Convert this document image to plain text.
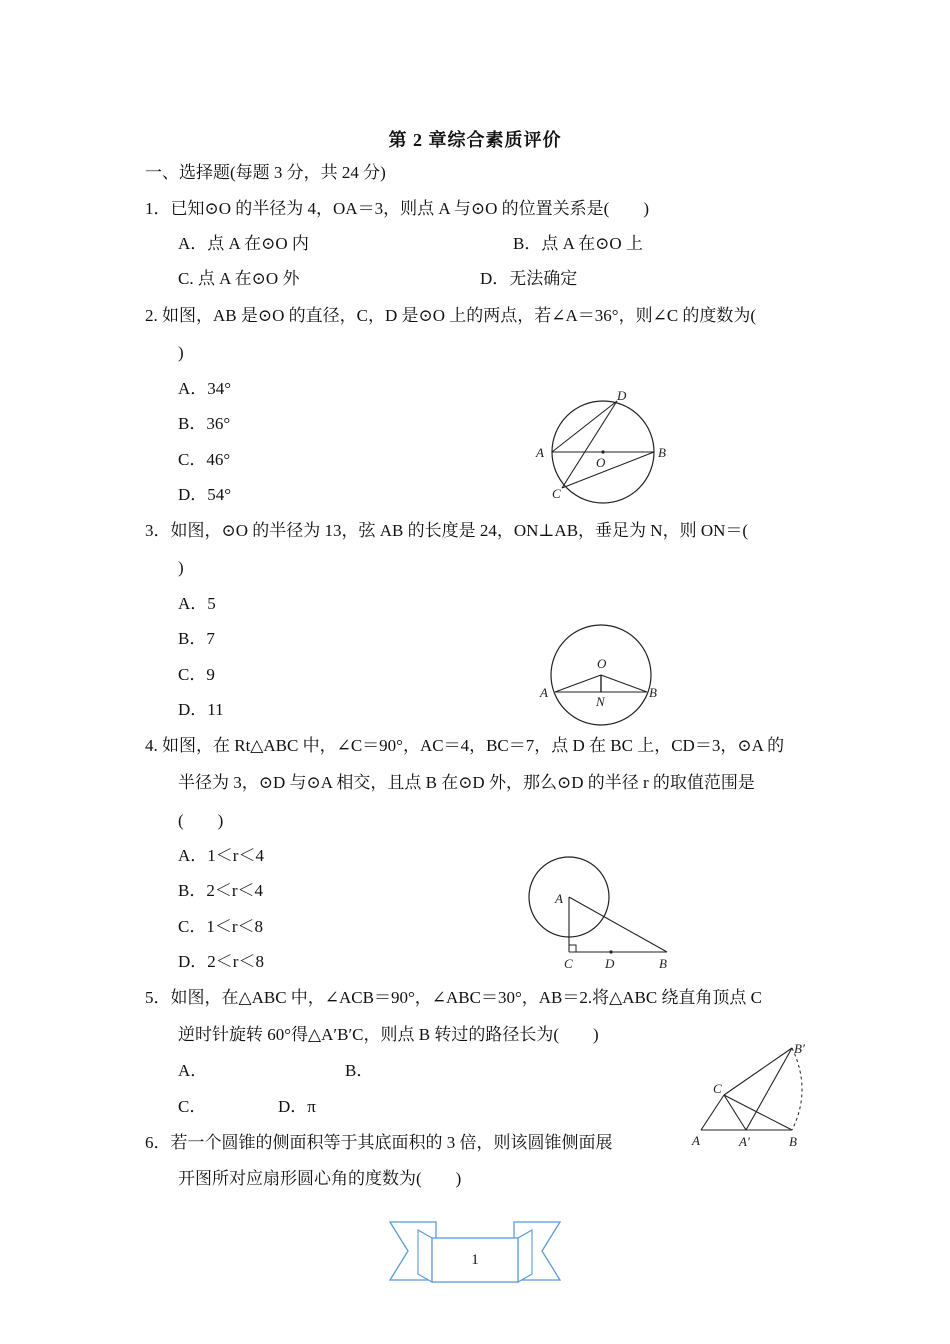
第 2 章综合素质评价
一、选择题(每题 3 分，共 24 分)
1．已知⊙O 的半径为 4，OA＝3，则点 A 与⊙O 的位置关系是(　　)
A．点 A 在⊙O 内	B．点 A 在⊙O 上
C. 点 A 在⊙O 外	D．无法确定
2. 如图，AB 是⊙O 的直径，C，D 是⊙O 上的两点，若∠A＝36°，则∠C 的度数为(
)
A．34°
B．36°
C．46°
D．54°
A	B
C
D
O
3．如图，⊙O 的半径为 13，弦 AB 的长度是 24，ON⊥AB，垂足为 N，则 ON＝(
)
A．5
B．7
C．9
D．11
O
A	B
N
4. 如图，在 Rt△ABC 中，∠C＝90°，AC＝4，BC＝7，点 D 在 BC 上，CD＝3，⊙A 的
半径为 3，⊙D 与⊙A 相交，且点 B 在⊙D 外，那么⊙D 的半径 r 的取值范围是
(　　)
A．1＜r＜4
B．2＜r＜4
C．1＜r＜8
D．2＜r＜8
A
C D	B
5．如图，在△ABC 中，∠ACB＝90°，∠ABC＝30°，AB＝2.将△ABC 绕直角顶点 C
逆时针旋转 60°得△A′B′C，则点 B 转过的路径长为(　　)
A．	B．
C．	D．π
B′
C
A	A′	B
6．若一个圆锥的侧面积等于其底面积的 3 倍，则该圆锥侧面展
开图所对应扇形圆心角的度数为(　　)
1
